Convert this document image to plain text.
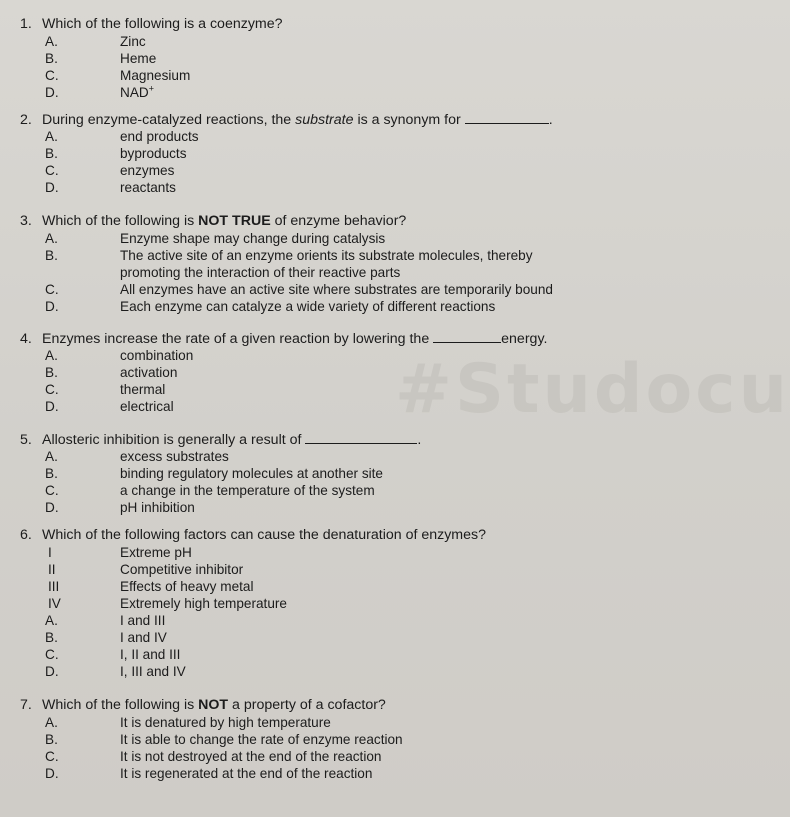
#Studocu
1. Which of the following is a coenzyme?
A.	Zinc
B.	Heme
C.	Magnesium
D.	NAD+
2. During enzyme-catalyzed reactions, the substrate is a synonym for	.
A.	end products
B.	byproducts
C.	enzymes
D.	reactants
3. Which of the following is NOT TRUE of enzyme behavior?
A.	Enzyme shape may change during catalysis
B.	The active site of an enzyme orients its substrate molecules, thereby promoting the interaction of their reactive parts
C.	All enzymes have an active site where substrates are temporarily bound
D.	Each enzyme can catalyze a wide variety of different reactions
4. Enzymes increase the rate of a given reaction by lowering the	energy.
A.	combination
B.	activation
C.	thermal
D.	electrical
5. Allosteric inhibition is generally a result of	.
A.	excess substrates
B.	binding regulatory molecules at another site
C.	a change in the temperature of the system
D.	pH inhibition
6. Which of the following factors can cause the denaturation of enzymes?
I	Extreme pH
II	Competitive inhibitor
III	Effects of heavy metal
IV	Extremely high temperature
A.	I and III
B.	I and IV
C.	I, II and III
D.	I, III and IV
7. Which of the following is NOT a property of a cofactor?
A.	It is denatured by high temperature
B.	It is able to change the rate of enzyme reaction
C.	It is not destroyed at the end of the reaction
D.	It is regenerated at the end of the reaction
